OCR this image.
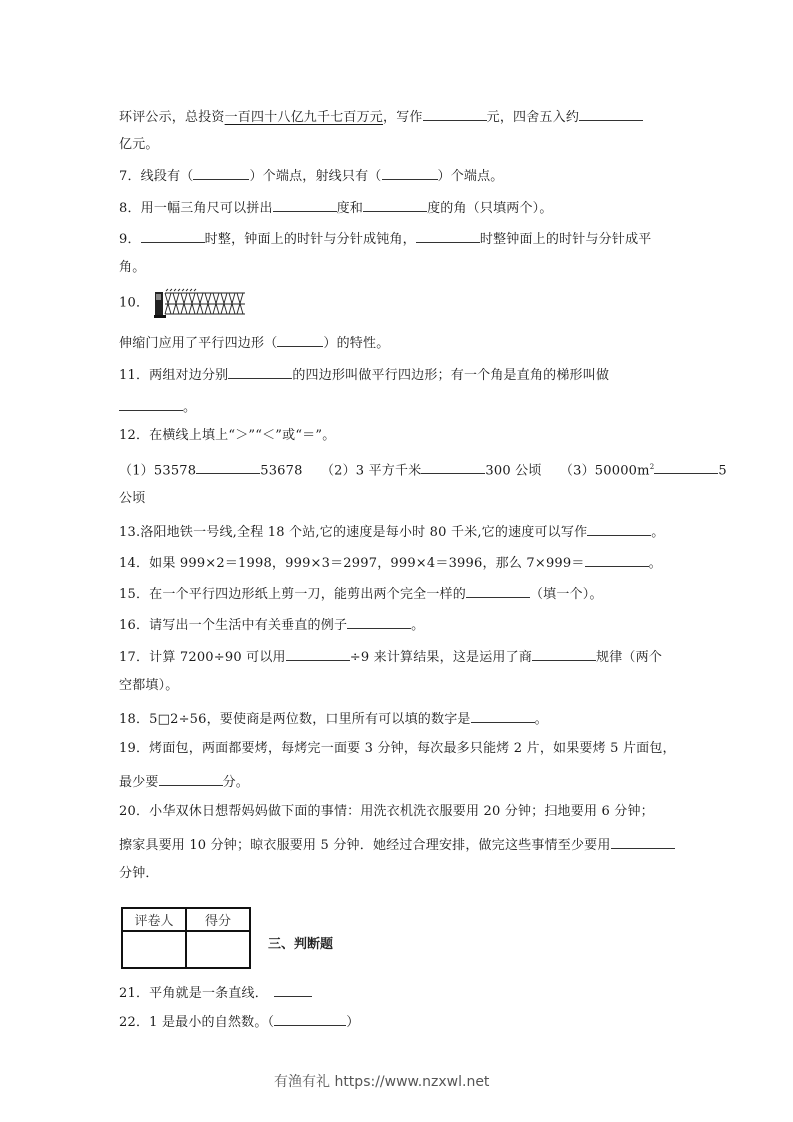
环评公示，总投资一百四十八亿九千七百万元，写作	元，四舍五入约
亿元。
7．线段有（	）个端点，射线只有（	）个端点。
8．用一幅三角尺可以拼出	度和	度的角（只填两个）。
9．	时整，钟面上的时针与分针成钝角，	时整钟面上的时针与分针成平
角。
10．
伸缩门应用了平行四边形（	）的特性。
11．两组对边分别	的四边形叫做平行四边形；有一个角是直角的梯形叫做
。
12．在横线上填上“＞”“＜”或“＝”。
（1）53578	53678 （2）3 平方千米	300 公顷 $(3)50000m^2$	5
公顷
13.洛阳地铁一号线,全程 18 个站,它的速度是每小时 80 千米,它的速度可以写作	。
14．如果 999×2＝1998，999×3＝2997，999×4＝3996，那么 7×999＝	。
15．在一个平行四边形纸上剪一刀，能剪出两个完全一样的	（填一个）。
16．请写出一个生活中有关垂直的例子	。
17．计算 7200÷90 可以用	÷9 来计算结果，这是运用了商	规律（两个
空都填）。
18．5□2÷56，要使商是两位数，口里所有可以填的数字是	。
19．烤面包，两面都要烤，每烤完一面要 3 分钟，每次最多只能烤 2 片，如果要烤 5 片面包，
最少要	分。
20．小华双休日想帮妈妈做下面的事情：用洗衣机洗衣服要用 20 分钟；扫地要用 6 分钟；
擦家具要用 10 分钟；晾衣服要用 5 分钟．她经过合理安排，做完这些事情至少要用
分钟．
评卷人	得分

三、判断题
21．平角就是一条直线．
22．1 是最小的自然数。（	）
有渔有礼 https://www.nzxwl.net
